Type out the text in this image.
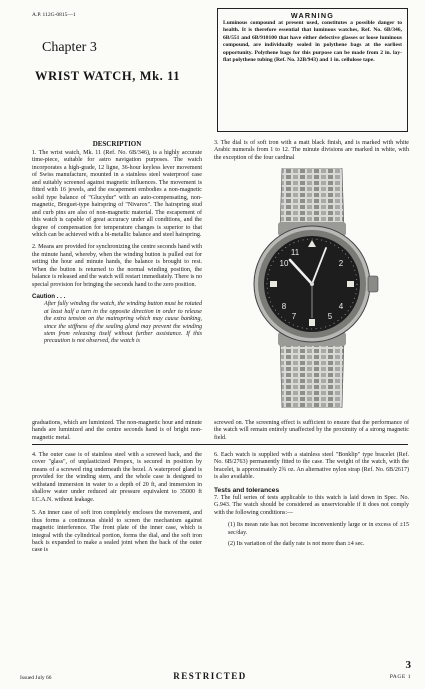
A.P. 112G-0815—1
Chapter 3
WRIST WATCH, Mk. 11
WARNING
Luminous compound at present used, constitutes a possible danger to health. It is therefore essential that luminous watches, Ref. No. 6B/346, 6B/551 and 6B/910100 that have either defective glasses or loose luminous compound, are individually sealed in polythene bags at the earliest opportunity. Polythene bags for this purpose can be made from 2 in. lay-flat polythene tubing (Ref. No. 32B/943) and 1 in. cellulose tape.
DESCRIPTION

1. The wrist watch, Mk. 11 (Ref. No. 6B/346), is a highly accurate time-piece, suitable for astro navigation purposes. The watch incorporates a high-grade, 12 ligne, 36-hour keyless lever movement of Swiss manufacture, mounted in a stainless steel waterproof case and suitably screened against magnetic influences. The movement is fitted with 16 jewels, and the escapement embodies a non-magnetic solid type balance of "Glucydur" with an auto-compensating, non-magnetic, Breguet-type hairspring of "Nivarox". The hairspring stud and curb pins are also of non-magnetic material. The escapement of this watch is capable of great accuracy under all conditions, and the degree of compensation for temperature changes is superior to that which can be achieved with a bi-metallic balance and steel hairspring.

2. Means are provided for synchronizing the centre seconds hand with the minute hand, whereby, when the winding button is pulled out for setting the hour and minute hands, the balance is brought to rest. When the button is returned to the normal winding position, the balance is released and the watch will restart immediately. There is no special provision for bringing the seconds hand to the zero position.

Caution . . .

After fully winding the watch, the winding button must be rotated at least half a turn in the opposite direction in order to release the extra tension on the mainspring which may cause banking, since the stiffness of the sealing gland may prevent the winding stem from releasing itself without further assistance. If this precaution is not observed, the watch is

3. The dial is of soft iron with a matt black finish, and is marked with white Arabic numerals from 1 to 12. The minute divisions are marked in white, with the exception of the four cardinal

10
11
2
4
5
7
8

graduations, which are luminized. The non-magnetic hour and minute hands are luminized and the centre seconds hand is of bright non-magnetic metal.

screwed on. The screening effect is sufficient to ensure that the performance of the watch will remain entirely unaffected by the proximity of a strong magnetic field.

4. The outer case is of stainless steel with a screwed back, and the cover "glass", of unplasticized Perspex, is secured in position by means of a screwed ring underneath the bezel. A waterproof gland is provided for the winding stem, and the whole case is designed to withstand immersion in water to a depth of 20 ft, and immersion in shallow water under reduced air pressure equivalent to 35000 ft I.C.A.N. without leakage.

5. An inner case of soft iron completely encloses the movement, and thus forms a continuous shield to screen the mechanism against magnetic interference. The front plate of the inner case, which is integral with the cylindrical portion, forms the dial, and the soft iron back is expanded to make a sealed joint when the back of the outer case is

6. Each watch is supplied with a stainless steel "Bonklip" type bracelet (Ref. No. 6B/2763) permanently fitted to the case. The weight of the watch, with the bracelet, is approximately 2¾ oz. An alternative nylon strap (Ref. No. 6B/2617) is also available.

Tests and tolerances

7. The full series of tests applicable to this watch is laid down in Spec. No. G.943. The watch should be considered as unserviceable if it does not comply with the following conditions:—

(1) Its mean rate has not become inconveniently large or in excess of ±15 sec/day.

(2) Its variation of the daily rate is not more than ±4 sec.

Issued July 66	RESTRICTED
3
PAGE 1
